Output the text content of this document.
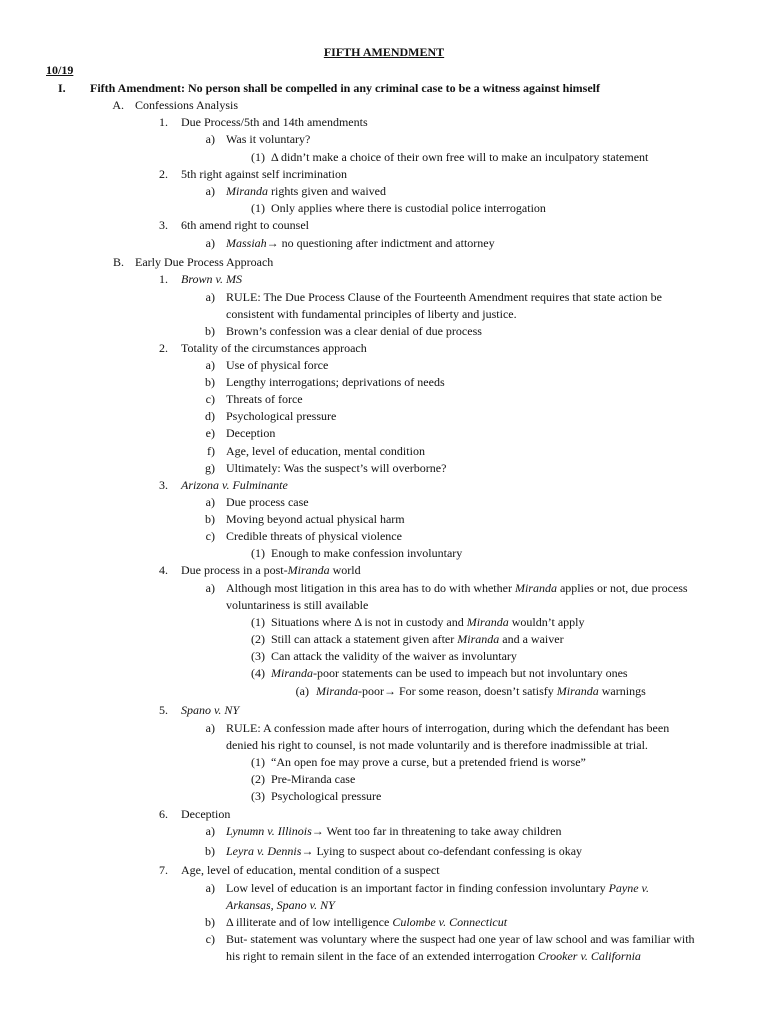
FIFTH AMENDMENT
10/19
I. Fifth Amendment: No person shall be compelled in any criminal case to be a witness against himself
A. Confessions Analysis
1. Due Process/5th and 14th amendments
a) Was it voluntary?
(1) Δ didn’t make a choice of their own free will to make an inculpatory statement
2. 5th right against self incrimination
a) Miranda rights given and waived
(1) Only applies where there is custodial police interrogation
3. 6th amend right to counsel
a) Massiah→ no questioning after indictment and attorney
B. Early Due Process Approach
1. Brown v. MS
a) RULE: The Due Process Clause of the Fourteenth Amendment requires that state action be
consistent with fundamental principles of liberty and justice.
b) Brown’s confession was a clear denial of due process
2. Totality of the circumstances approach
a) Use of physical force
b) Lengthy interrogations; deprivations of needs
c) Threats of force
d) Psychological pressure
e) Deception
f) Age, level of education, mental condition
g) Ultimately: Was the suspect’s will overborne?
3. Arizona v. Fulminante
a) Due process case
b) Moving beyond actual physical harm
c) Credible threats of physical violence
(1) Enough to make confession involuntary
4. Due process in a post-Miranda world
a) Although most litigation in this area has to do with whether Miranda applies or not, due process
voluntariness is still available
(1) Situations where Δ is not in custody and Miranda wouldn’t apply
(2) Still can attack a statement given after Miranda and a waiver
(3) Can attack the validity of the waiver as involuntary
(4) Miranda-poor statements can be used to impeach but not involuntary ones
(a) Miranda-poor→ For some reason, doesn’t satisfy Miranda warnings
5. Spano v. NY
a) RULE: A confession made after hours of interrogation, during which the defendant has been
denied his right to counsel, is not made voluntarily and is therefore inadmissible at trial.
(1) “An open foe may prove a curse, but a pretended friend is worse”
(2) Pre-Miranda case
(3) Psychological pressure
6. Deception
a) Lynumn v. Illinois→ Went too far in threatening to take away children
b) Leyra v. Dennis→ Lying to suspect about co-defendant confessing is okay
7. Age, level of education, mental condition of a suspect
a) Low level of education is an important factor in finding confession involuntary Payne v.
Arkansas, Spano v. NY
b) Δ illiterate and of low intelligence Culombe v. Connecticut
c) But- statement was voluntary where the suspect had one year of law school and was familiar with
his right to remain silent in the face of an extended interrogation Crooker v. California
